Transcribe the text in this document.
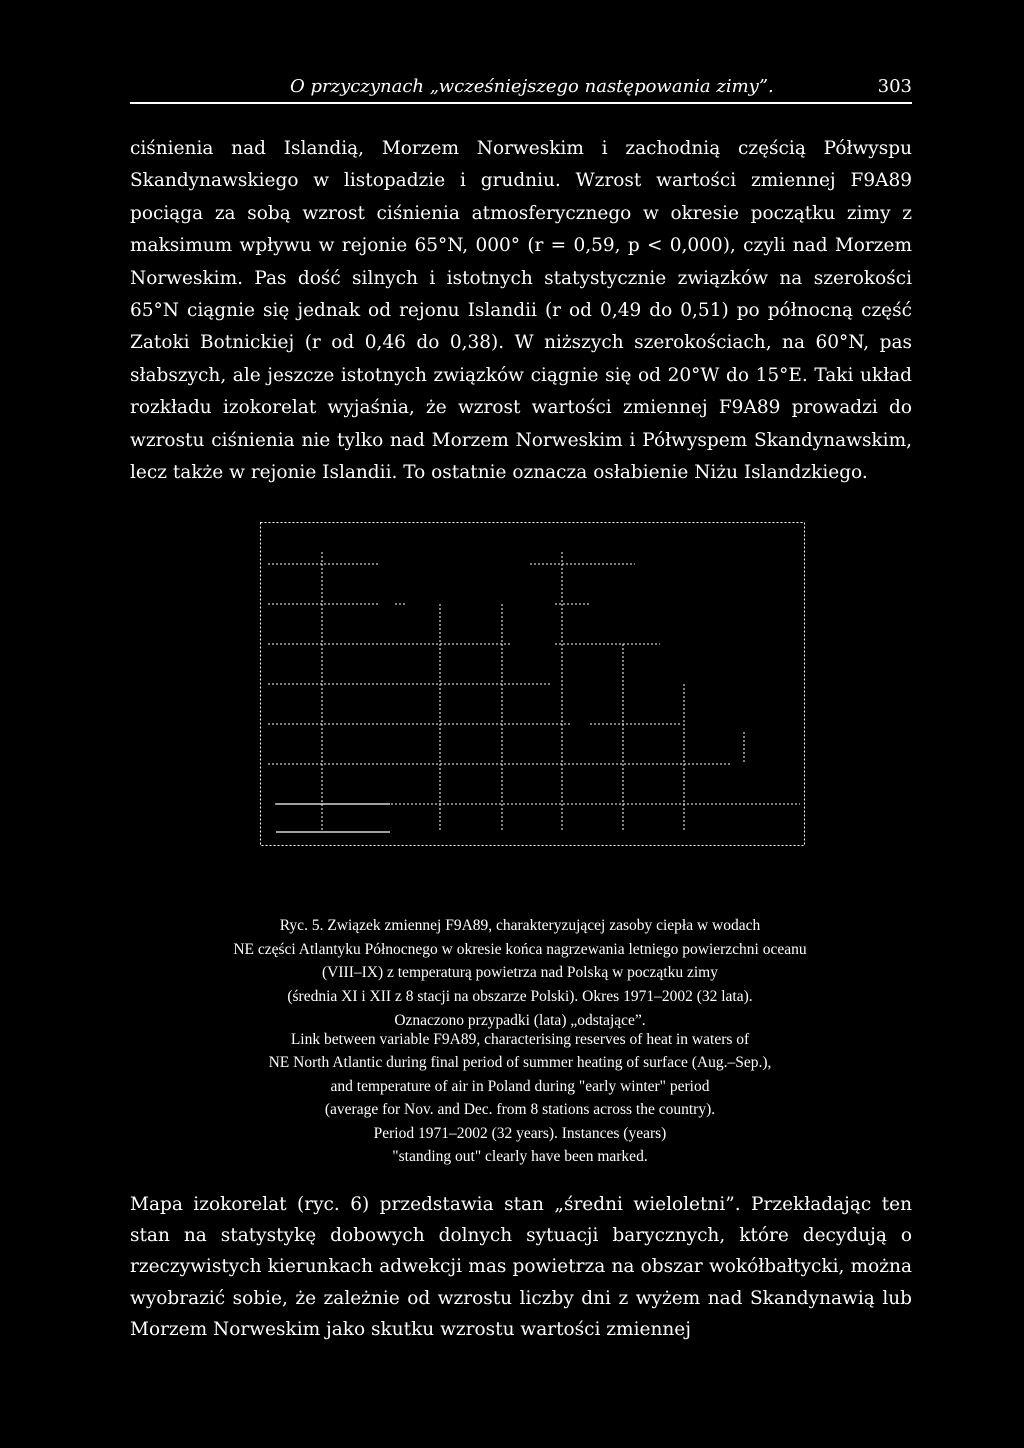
O przyczynach „wcześniejszego następowania zimy”.	303
ciśnienia nad Islandią, Morzem Norweskim i zachodnią częścią Półwyspu Skandynawskiego w listopadzie i grudniu. Wzrost wartości zmiennej F9A89 pociąga za sobą wzrost ciśnienia atmosferycznego w okresie początku zimy z maksimum wpływu w rejonie 65°N, 000° (r = 0,59, p < 0,000), czyli nad Morzem Norweskim. Pas dość silnych i istotnych statystycznie związków na szerokości 65°N ciągnie się jednak od rejonu Islandii (r od 0,49 do 0,51) po północną część Zatoki Botnickiej (r od 0,46 do 0,38). W niższych szerokościach, na 60°N, pas słabszych, ale jeszcze istotnych związków ciągnie się od 20°W do 15°E. Taki układ rozkładu izokorelat wyjaśnia, że wzrost wartości zmiennej F9A89 prowadzi do wzrostu ciśnienia nie tylko nad Morzem Norweskim i Półwyspem Skandynawskim, lecz także w rejonie Islandii. To ostatnie oznacza osłabienie Niżu Islandzkiego.
Ryc. 5. Związek zmiennej F9A89, charakteryzującej zasoby ciepła w wodach
NE części Atlantyku Północnego w okresie końca nagrzewania letniego powierzchni oceanu
(VIII–IX) z temperaturą powietrza nad Polską w początku zimy
(średnia XI i XII z 8 stacji na obszarze Polski). Okres 1971–2002 (32 lata).
Oznaczono przypadki (lata) „odstające”.
Link between variable F9A89, characterising reserves of heat in waters of
NE North Atlantic during final period of summer heating of surface (Aug.–Sep.),
and temperature of air in Poland during "early winter" period
(average for Nov. and Dec. from 8 stations across the country).
Period 1971–2002 (32 years). Instances (years)
"standing out" clearly have been marked.
Mapa izokorelat (ryc. 6) przedstawia stan „średni wieloletni”. Przekładając ten stan na statystykę dobowych dolnych sytuacji barycznych, które decydują o rzeczywistych kierunkach adwekcji mas powietrza na obszar wokółbałtycki, można wyobrazić sobie, że zależnie od wzrostu liczby dni z wyżem nad Skandynawią lub Morzem Norweskim jako skutku wzrostu wartości zmiennej
